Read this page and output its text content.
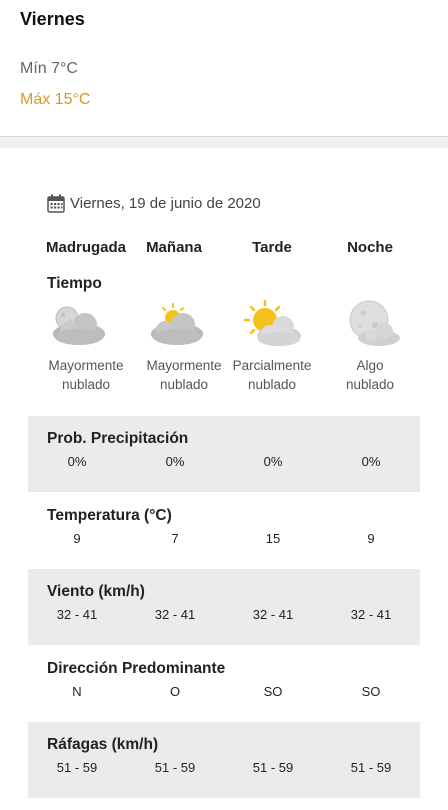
Viernes
Mín 7°C
Máx 15°C
Viernes, 19 de junio de 2020
Madrugada	Mañana	Tarde	Noche
Tiempo
Mayormente
nublado
Mayormente
nublado
Parcialmente
nublado
Algo
nublado
Prob. Precipitación
0%	0%	0%	0%
Temperatura (°C)
9	7	15	9
Viento (km/h)
32 - 41	32 - 41	32 - 41	32 - 41
Dirección Predominante
N	O	SO	SO
Ráfagas (km/h)
51 - 59	51 - 59	51 - 59	51 - 59
